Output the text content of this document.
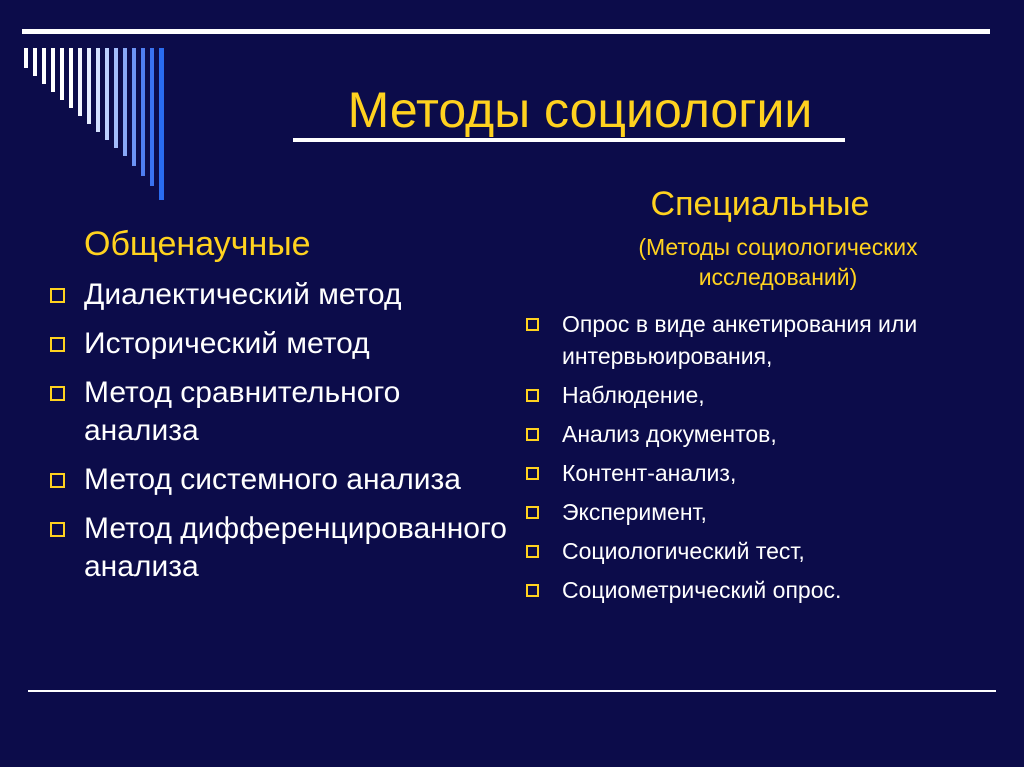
Методы социологии
Общенаучные
Диалектический метод
Исторический метод
Метод сравнительного анализа
Метод системного анализа
Метод дифференцированного анализа
Специальные
(Методы социологических исследований)
Опрос в виде анкетирования или интервьюирования,
Наблюдение,
Анализ документов,
Контент-анализ,
Эксперимент,
Социологический тест,
Социометрический опрос.
